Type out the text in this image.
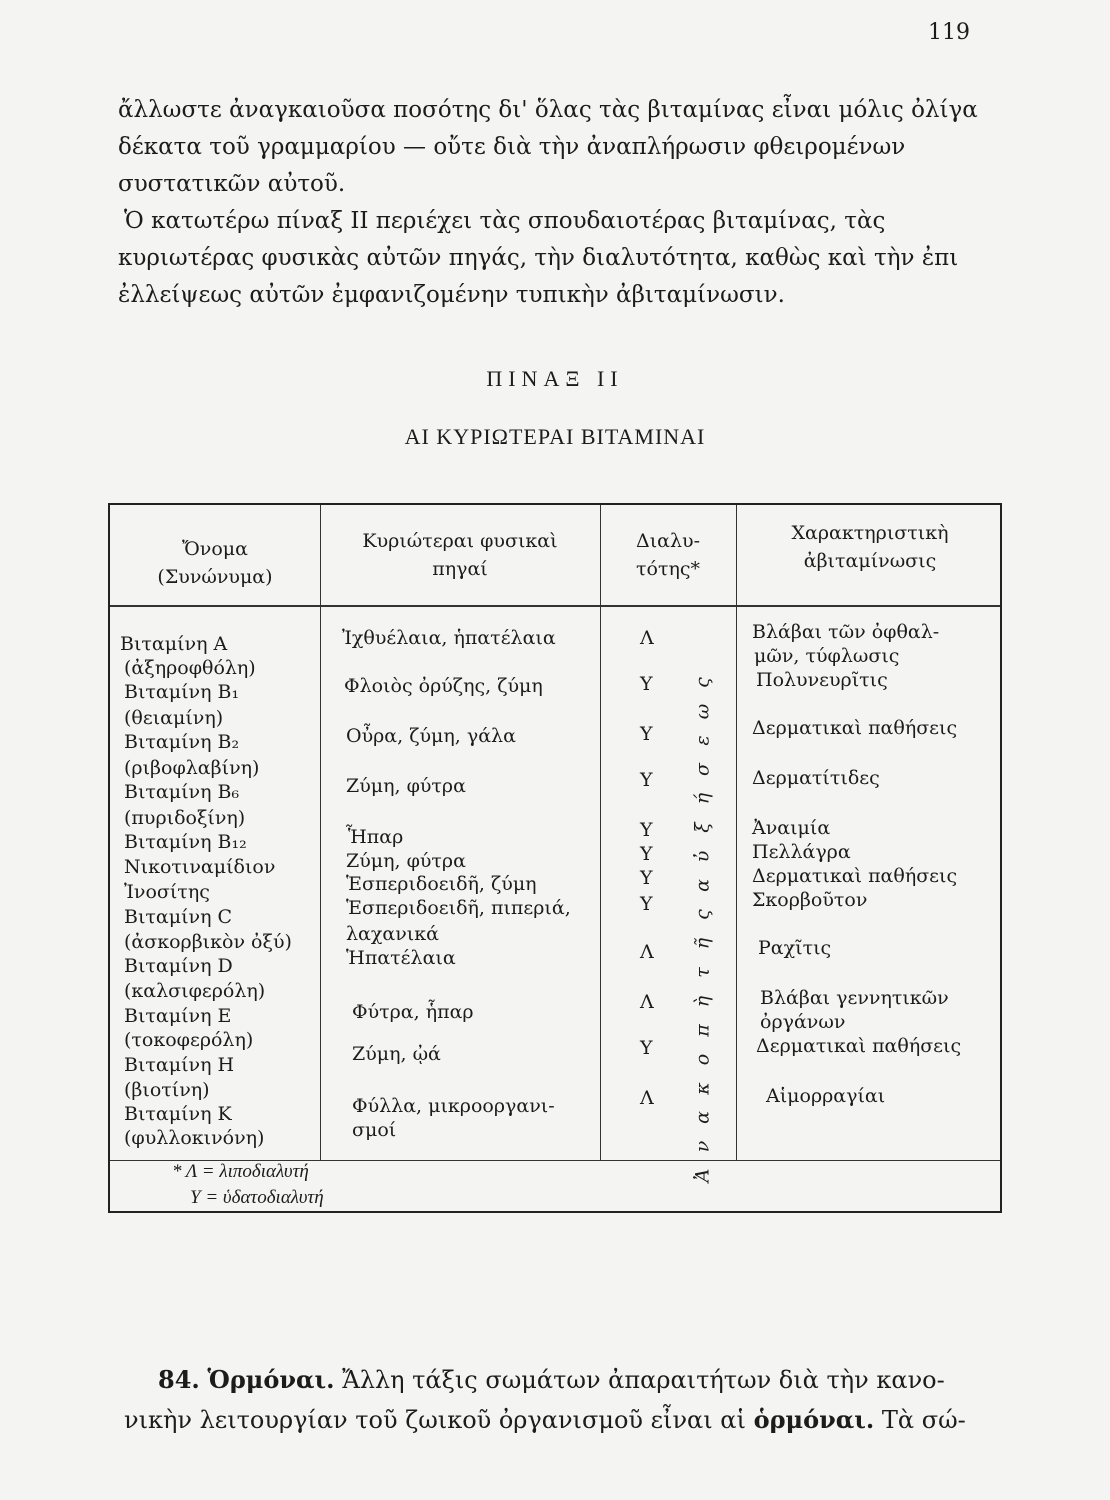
119
ἄλλωστε ἀναγκαιοῦσα ποσότης δι' ὅλας τὰς βιταμίνας εἶναι μόλις ὀλίγα
δέκατα τοῦ γραμμαρίου — οὔτε διὰ τὴν ἀναπλήρωσιν φθειρομένων
συστατικῶν αὐτοῦ.
Ὁ κατωτέρω πίναξ ΙΙ περιέχει τὰς σπουδαιοτέρας βιταμίνας, τὰς
κυριωτέρας φυσικὰς αὐτῶν πηγάς, τὴν διαλυτότητα, καθὼς καὶ τὴν ἐπι
ἐλλείψεως αὐτῶν ἐμφανιζομένην τυπικὴν ἀβιταμίνωσιν.
ΠΙΝΑΞ ΙΙ
ΑΙ ΚΥΡΙΩΤΕΡΑΙ ΒΙΤΑΜΙΝΑΙ
Ὄνομα
(Συνώνυμα)
Κυριώτεραι φυσικαὶ
πηγαί
Διαλυ-
τότης*
Χαρακτηριστικὴ
ἀβιταμίνωσις
* Λ = λιποδιαλυτή
Υ = ὑδατοδιαλυτή
Βιταμίνη Α
(ἀξηροφθόλη)
Βιταμίνη B₁
(θειαμίνη)
Βιταμίνη B₂
(ριβοφλαβίνη)
Βιταμίνη B₆
(πυριδοξίνη)
Βιταμίνη B₁₂
Νικοτιναμίδιον
Ἰνοσίτης
Βιταμίνη C
(ἀσκορβικὸν ὀξύ)
Βιταμίνη D
(καλσιφερόλη)
Βιταμίνη Ε
(τοκοφερόλη)
Βιταμίνη Η
(βιοτίνη)
Βιταμίνη Κ
(φυλλοκινόνη)
Ἰχθυέλαια, ἡπατέλαια
Φλοιὸς ὀρύζης, ζύμη
Οὖρα, ζύμη, γάλα
Ζύμη, φύτρα
Ἧπαρ
Ζύμη, φύτρα
Ἑσπεριδοειδῆ, ζύμη
Ἑσπεριδοειδῆ, πιπεριά,
λαχανικά
Ἡπατέλαια
Φύτρα, ἧπαρ
Ζύμη, ᾠά
Φύλλα, μικροοργανι-
σμοί
Λ
Υ
Υ
Υ
Υ
Υ
Υ
Υ
Λ
Λ
Υ
Λ
ς
ω
ε
σ
ή
ξ
ὐ
α
ς
ῆ
τ
ὴ
π
ο
κ
α
ν
Ἀ
Βλάβαι τῶν ὀφθαλ-
μῶν, τύφλωσις
Πολυνευρῖτις
Δερματικαὶ παθήσεις
Δερματίτιδες
Ἀναιμία
Πελλάγρα
Δερματικαὶ παθήσεις
Σκορβοῦτον
Ραχῖτις
Βλάβαι γεννητικῶν
ὀργάνων
Δερματικαὶ παθήσεις
Αἱμορραγίαι
84. Ὁρμόναι. Ἄλλη τάξις σωμάτων ἀπαραιτήτων διὰ τὴν κανο-
νικὴν λειτουργίαν τοῦ ζωικοῦ ὀργανισμοῦ εἶναι αἱ ὁρμόναι. Τὰ σώ-
